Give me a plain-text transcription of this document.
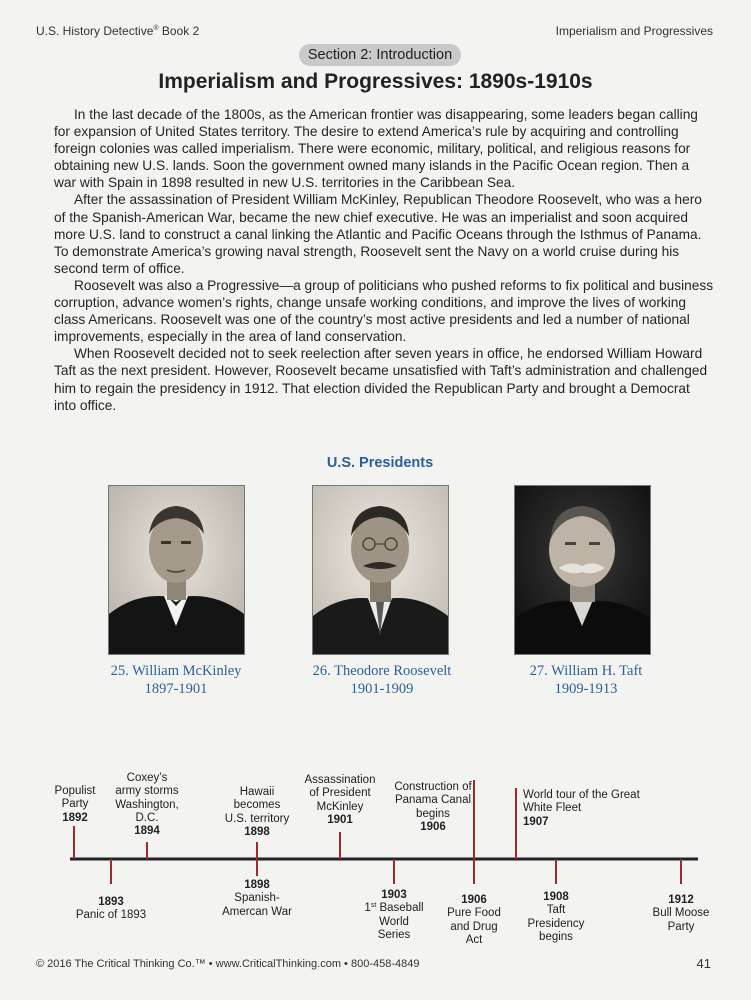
U.S. History Detective® Book 2	Imperialism and Progressives
Section 2: Introduction
Imperialism and Progressives: 1890s-1910s

In the last decade of the 1800s, as the American frontier was disappearing, some leaders began calling for expansion of United States territory. The desire to extend America’s rule by acquiring and controlling foreign colonies was called imperialism. There were economic, military, political, and religious reasons for obtaining new U.S. lands. Soon the government owned many islands in the Pacific Ocean region. Then a war with Spain in 1898 resulted in new U.S. territories in the Caribbean Sea.

After the assassination of President William McKinley, Republican Theodore Roosevelt, who was a hero of the Spanish-American War, became the new chief executive. He was an imperialist and soon acquired more U.S. land to construct a canal linking the Atlantic and Pacific Oceans through the Isthmus of Panama. To demonstrate America’s growing naval strength, Roosevelt sent the Navy on a world cruise during his second term of office.

Roosevelt was also a Progressive—a group of politicians who pushed reforms to fix political and business corruption, advance women’s rights, change unsafe working conditions, and improve the lives of working class Americans. Roosevelt was one of the country’s most active presidents and led a number of national improvements, especially in the area of land conservation.

When Roosevelt decided not to seek reelection after seven years in office, he endorsed William Howard Taft as the next president. However, Roosevelt became unsatisfied with Taft’s administration and challenged him to regain the presidency in 1912. That election divided the Republican Party and brought a Democrat into office.

U.S. Presidents
25. William McKinley
1897-1901
26. Theodore Roosevelt
1901-1909
27. William H. Taft
1909-1913
Populist
Party
1892
Coxey’s
army storms
Washington,
D.C.
1894
Hawaii
becomes
U.S. territory
1898
Assassination
of President
McKinley
1901
Construction of
Panama Canal
begins
1906
World tour of the Great
White Fleet
1907
1893
Panic of 1893
1898
Spanish-
Amercan War
1903
1st Baseball
World
Series
1906
Pure Food
and Drug
Act
1908
Taft
Presidency
begins
1912
Bull Moose
Party
© 2016 The Critical Thinking Co.™ • www.CriticalThinking.com • 800-458-4849	41
